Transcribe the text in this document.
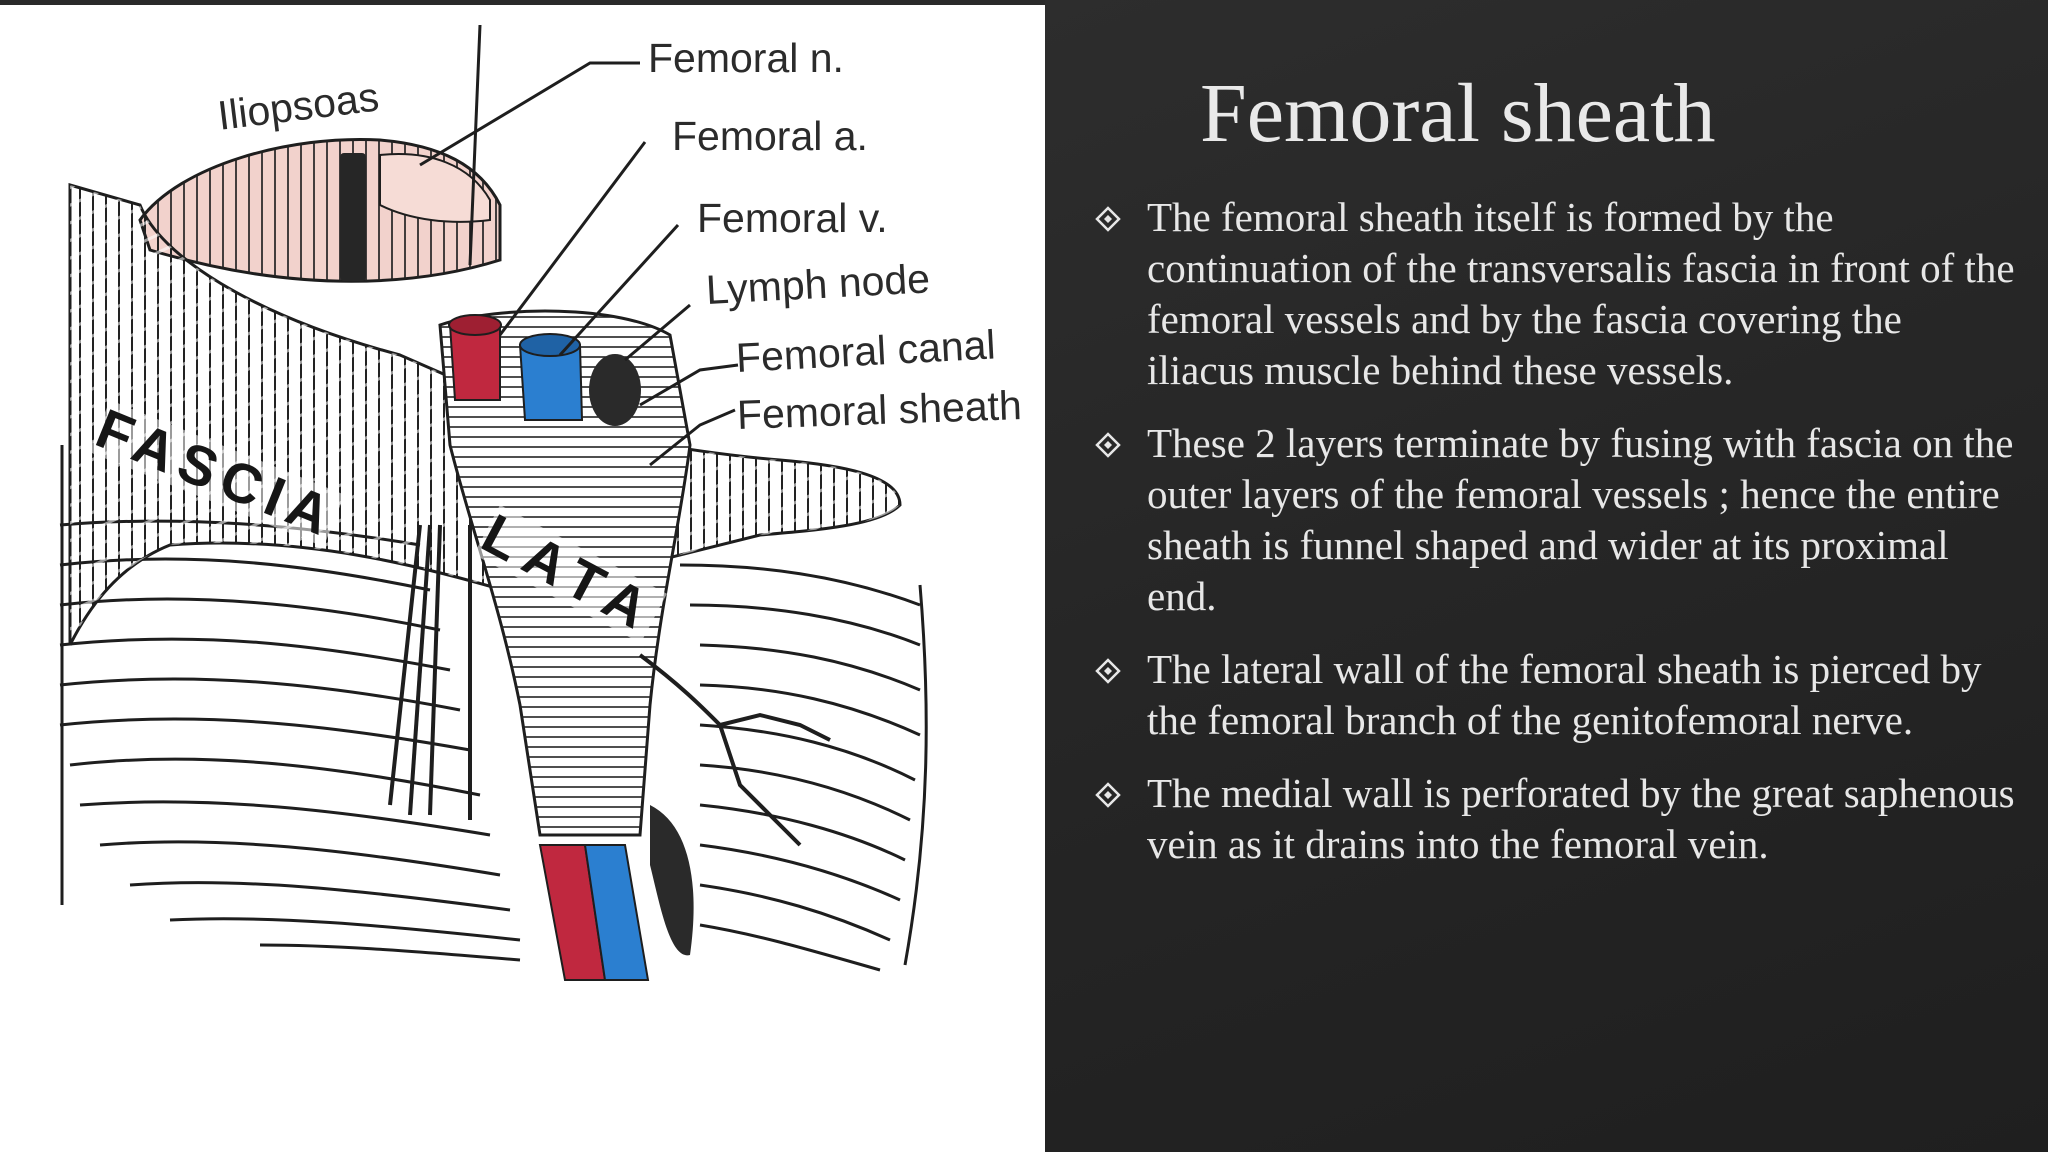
Iliopsoas
Femoral n.
Femoral a.
Femoral v.
Lymph node
Femoral canal
Femoral sheath
FASCIA
LATA
Femoral sheath
The femoral sheath itself is formed by the continuation of the transversalis fascia in front of the femoral vessels and by the fascia covering the iliacus muscle behind these vessels.
These 2 layers terminate by fusing with fascia on the outer layers of the femoral vessels ; hence the entire sheath is funnel shaped and wider at its proximal end.
The lateral wall of the femoral sheath is pierced by the femoral branch of the genitofemoral nerve.
The medial wall is perforated by the great saphenous vein as it drains into the femoral vein.
